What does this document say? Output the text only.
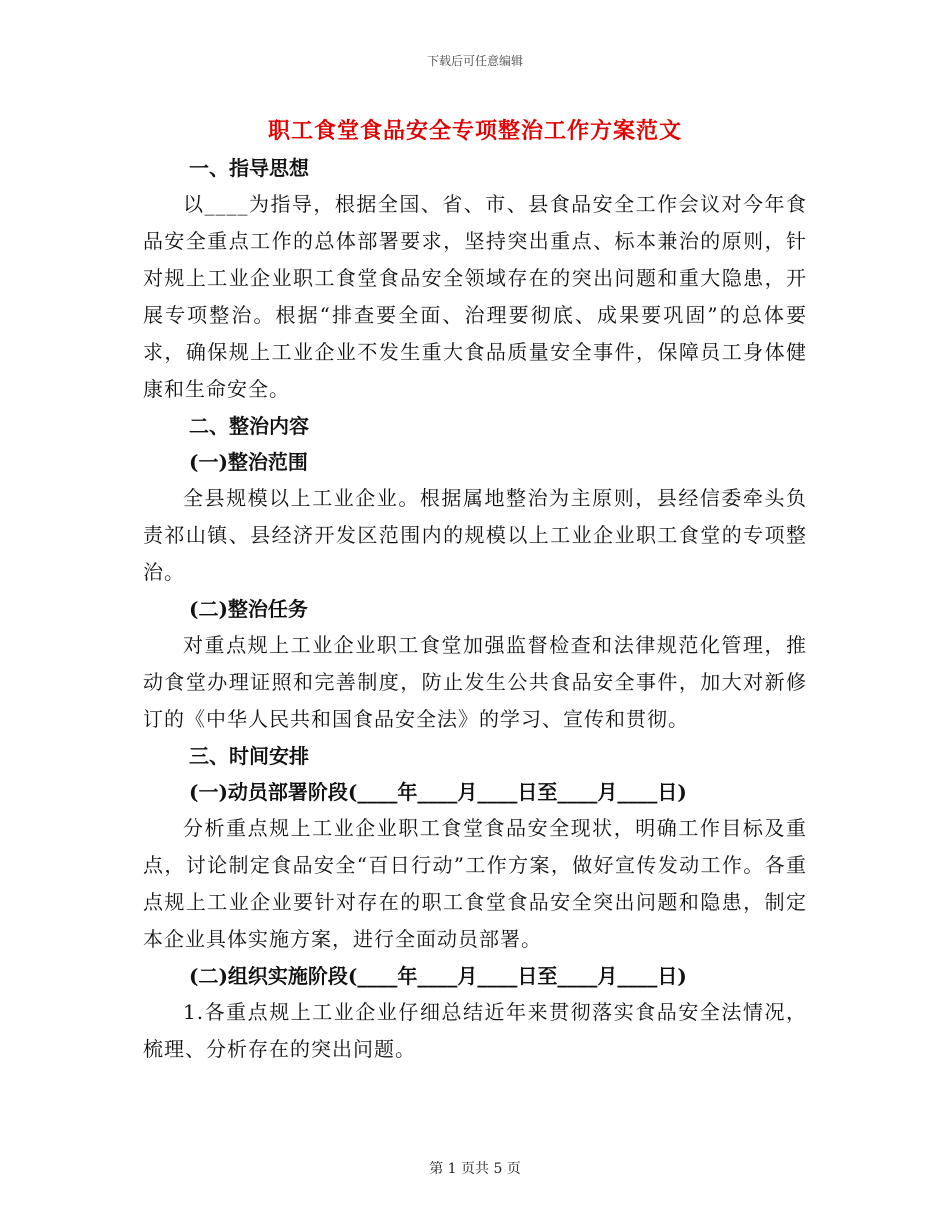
下载后可任意编辑
职工食堂食品安全专项整治工作方案范文

一、指导思想

以____为指导，根据全国、省、市、县食品安全工作会议对今年食品安全重点工作的总体部署要求，坚持突出重点、标本兼治的原则，针对规上工业企业职工食堂食品安全领域存在的突出问题和重大隐患，开展专项整治。根据“排查要全面、治理要彻底、成果要巩固”的总体要求，确保规上工业企业不发生重大食品质量安全事件，保障员工身体健康和生命安全。

二、整治内容

(一)整治范围

全县规模以上工业企业。根据属地整治为主原则，县经信委牵头负责祁山镇、县经济开发区范围内的规模以上工业企业职工食堂的专项整治。

(二)整治任务

对重点规上工业企业职工食堂加强监督检查和法律规范化管理，推动食堂办理证照和完善制度，防止发生公共食品安全事件，加大对新修订的《中华人民共和国食品安全法》的学习、宣传和贯彻。

三、时间安排

(一)动员部署阶段(____年____月____日至____月____日)

分析重点规上工业企业职工食堂食品安全现状，明确工作目标及重点，讨论制定食品安全“百日行动”工作方案，做好宣传发动工作。各重点规上工业企业要针对存在的职工食堂食品安全突出问题和隐患，制定本企业具体实施方案，进行全面动员部署。

(二)组织实施阶段(____年____月____日至____月____日)

1.各重点规上工业企业仔细总结近年来贯彻落实食品安全法情况，梳理、分析存在的突出问题。

第 1 页共 5 页
